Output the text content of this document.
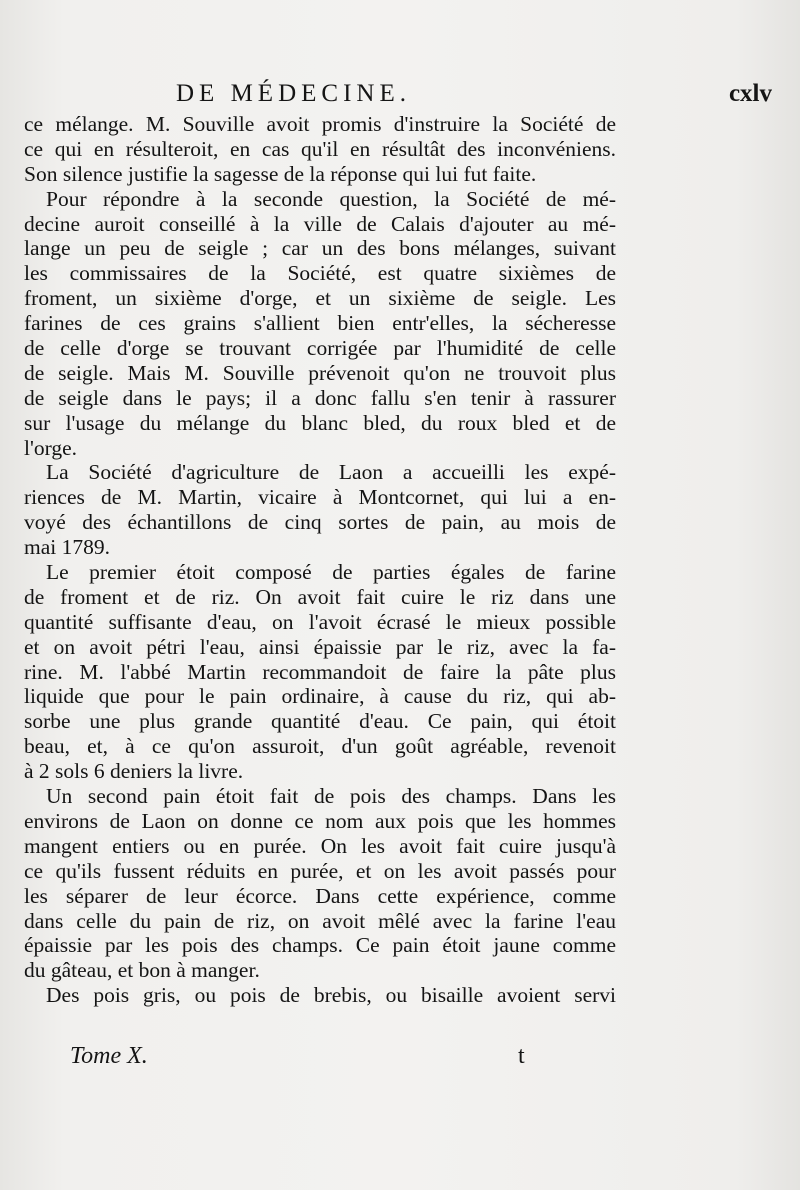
DE MÉDECINE.	cxlv
ce mélange. M. Souville avoit promis d'instruire la Société de
ce qui en résulteroit, en cas qu'il en résultât des inconvéniens.
Son silence justifie la sagesse de la réponse qui lui fut faite.
Pour répondre à la seconde question, la Société de mé-
decine auroit conseillé à la ville de Calais d'ajouter au mé-
lange un peu de seigle ; car un des bons mélanges, suivant
les commissaires de la Société, est quatre sixièmes de
froment, un sixième d'orge, et un sixième de seigle. Les
farines de ces grains s'allient bien entr'elles, la sécheresse
de celle d'orge se trouvant corrigée par l'humidité de celle
de seigle. Mais M. Souville prévenoit qu'on ne trouvoit plus
de seigle dans le pays; il a donc fallu s'en tenir à rassurer
sur l'usage du mélange du blanc bled, du roux bled et de
l'orge.
La Société d'agriculture de Laon a accueilli les expé-
riences de M. Martin, vicaire à Montcornet, qui lui a en-
voyé des échantillons de cinq sortes de pain, au mois de
mai 1789.
Le premier étoit composé de parties égales de farine
de froment et de riz. On avoit fait cuire le riz dans une
quantité suffisante d'eau, on l'avoit écrasé le mieux possible
et on avoit pétri l'eau, ainsi épaissie par le riz, avec la fa-
rine. M. l'abbé Martin recommandoit de faire la pâte plus
liquide que pour le pain ordinaire, à cause du riz, qui ab-
sorbe une plus grande quantité d'eau. Ce pain, qui étoit
beau, et, à ce qu'on assuroit, d'un goût agréable, revenoit
à 2 sols 6 deniers la livre.
Un second pain étoit fait de pois des champs. Dans les
environs de Laon on donne ce nom aux pois que les hommes
mangent entiers ou en purée. On les avoit fait cuire jusqu'à
ce qu'ils fussent réduits en purée, et on les avoit passés pour
les séparer de leur écorce. Dans cette expérience, comme
dans celle du pain de riz, on avoit mêlé avec la farine l'eau
épaissie par les pois des champs. Ce pain étoit jaune comme
du gâteau, et bon à manger.
Des pois gris, ou pois de brebis, ou bisaille avoient servi
Tome X.	t
